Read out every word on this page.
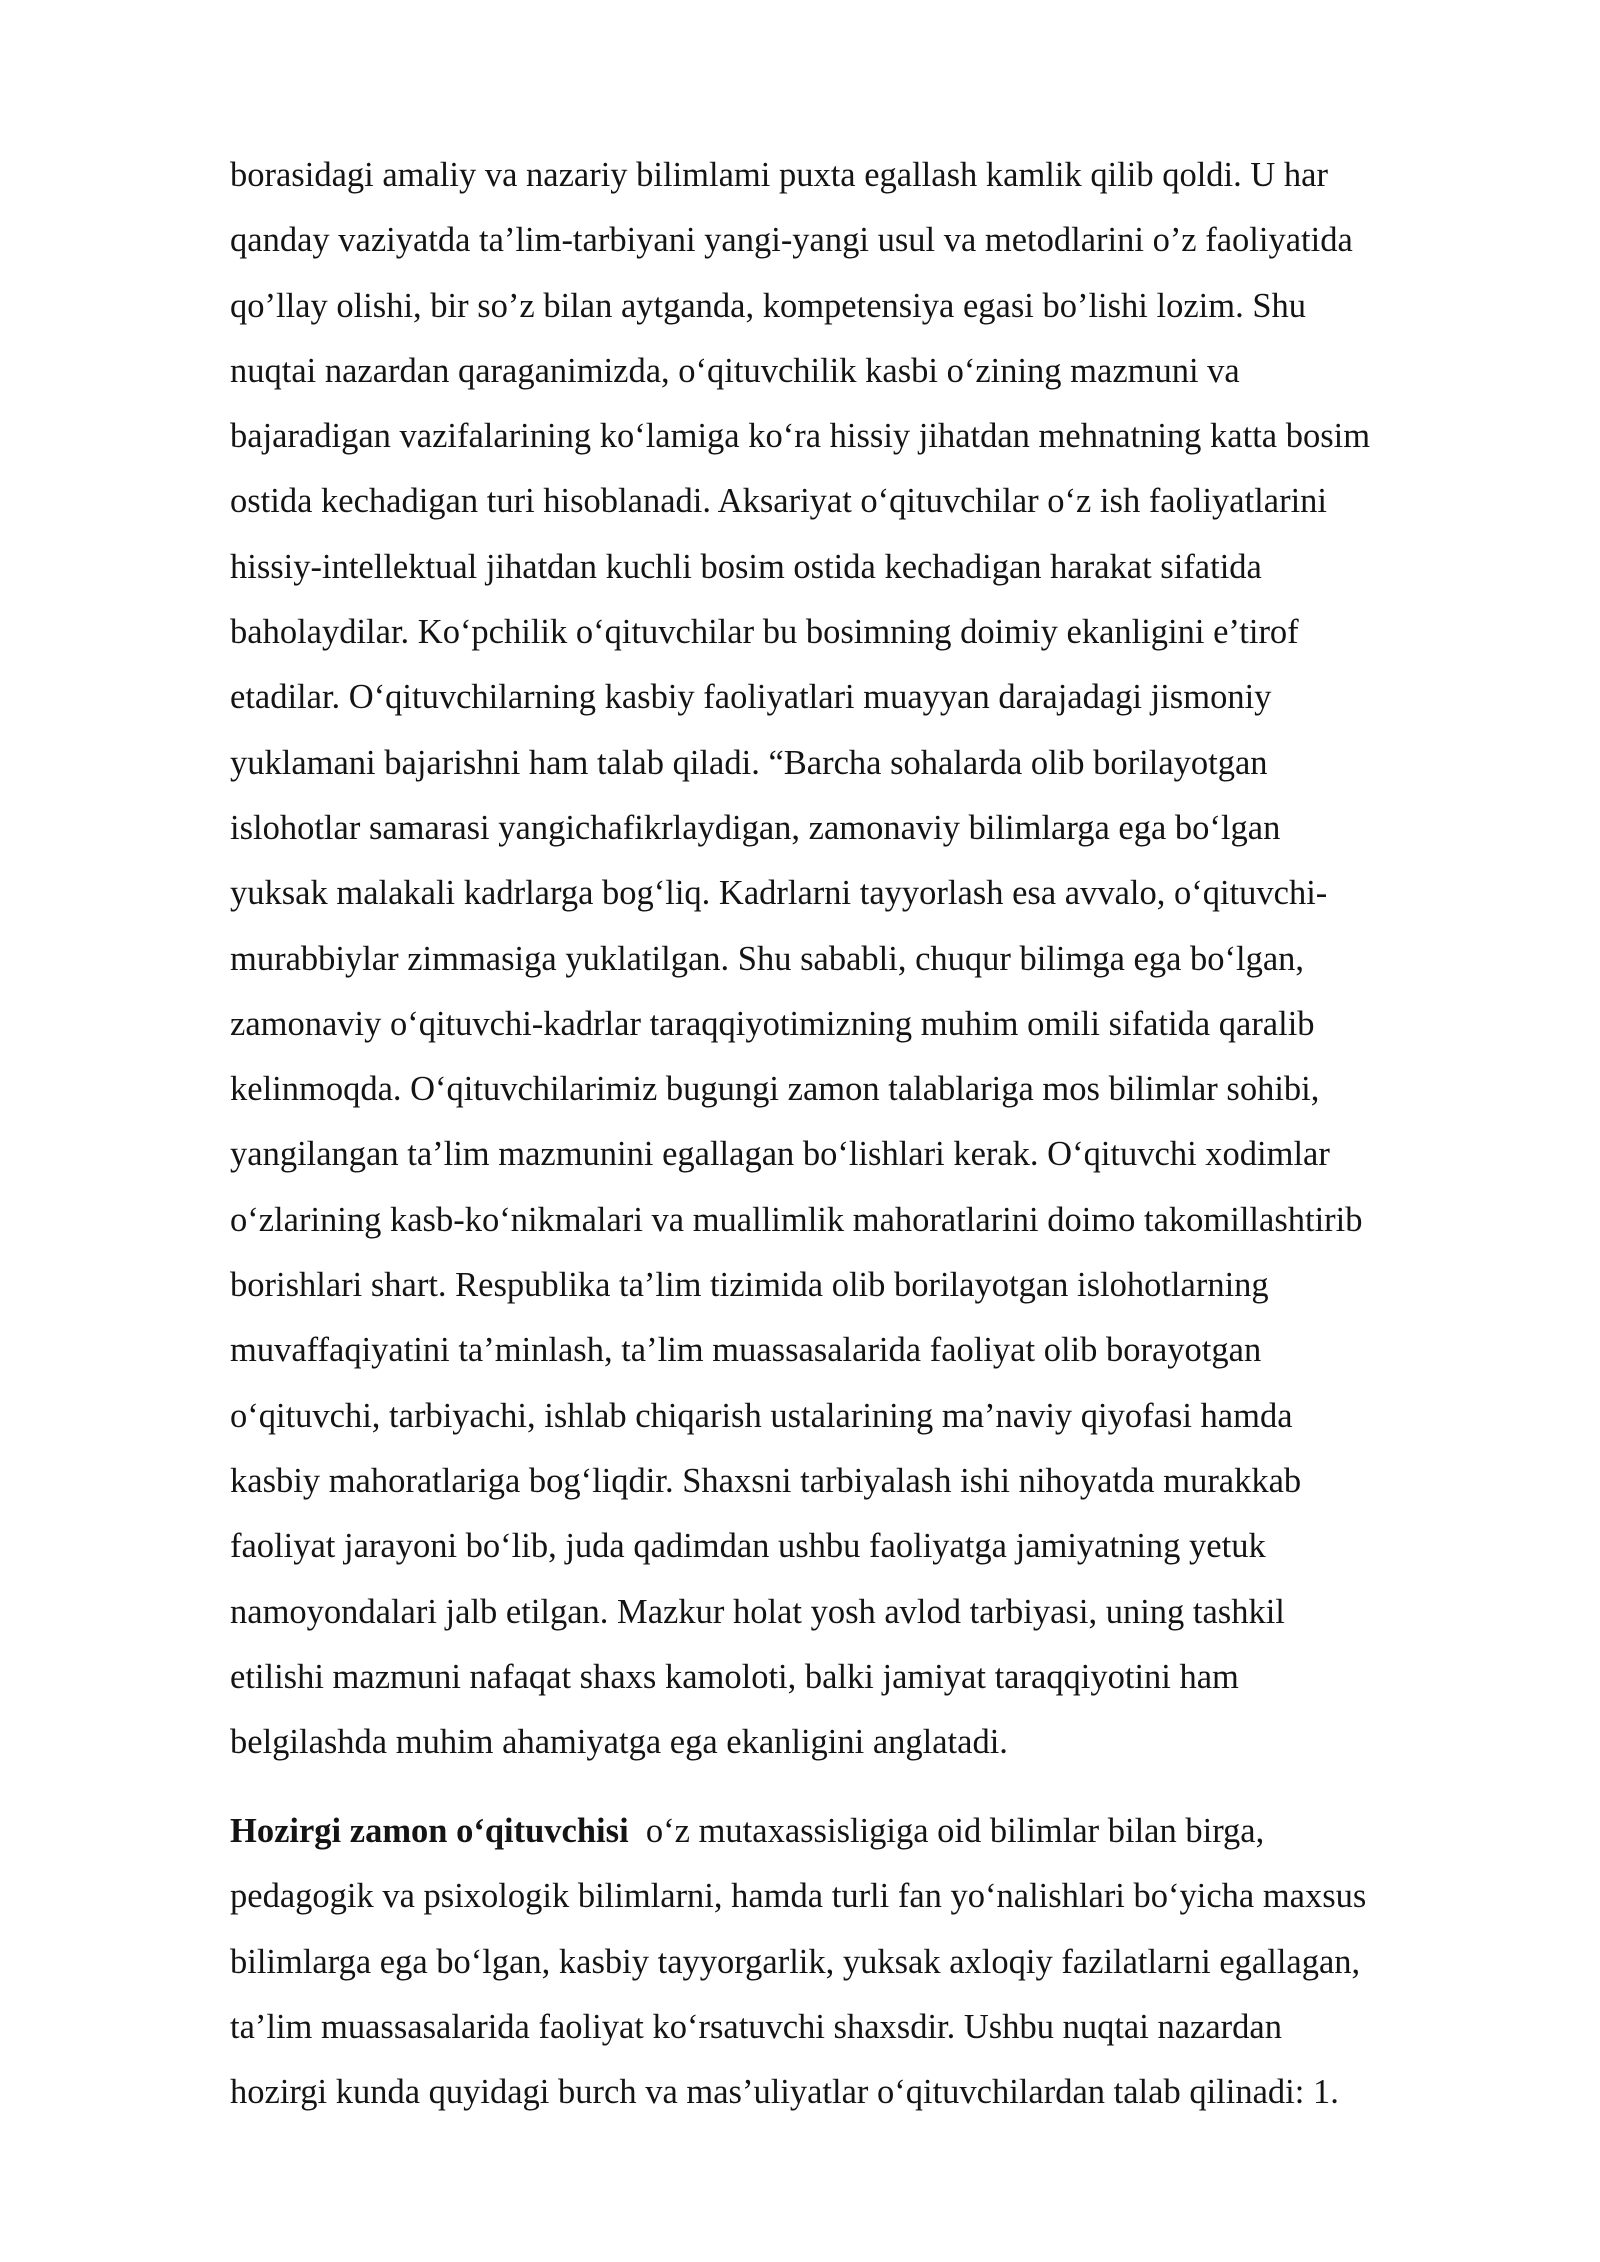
borasidagi amaliy va nazariy bilimlami puxta egallash kamlik qilib qoldi. U har
qanday vaziyatda ta’lim-tarbiyani yangi-yangi usul va metodlarini o’z faoliyatida
qo’llay olishi, bir so’z bilan aytganda, kompetensiya egasi bo’lishi lozim. Shu
nuqtai nazardan qaraganimizda, oʻqituvchilik kasbi oʻzining mazmuni va
bajaradigan vazifalarining koʻlamiga koʻra hissiy jihatdan mehnatning katta bosim
ostida kechadigan turi hisoblanadi. Aksariyat oʻqituvchilar oʻz ish faoliyatlarini
hissiy-intellektual jihatdan kuchli bosim ostida kechadigan harakat sifatida
baholaydilar. Koʻpchilik oʻqituvchilar bu bosimning doimiy ekanligini e’tirof
etadilar. Oʻqituvchilarning kasbiy faoliyatlari muayyan darajadagi jismoniy
yuklamani bajarishni ham talab qiladi. “Barcha sohalarda olib borilayotgan
islohotlar samarasi yangichafikrlaydigan, zamonaviy bilimlarga ega boʻlgan
yuksak malakali kadrlarga bogʻliq. Kadrlarni tayyorlash esa avvalo, oʻqituvchi-
murabbiylar zimmasiga yuklatilgan. Shu sababli, chuqur bilimga ega boʻlgan,
zamonaviy oʻqituvchi-kadrlar taraqqiyotimizning muhim omili sifatida qaralib
kelinmoqda. Oʻqituvchilarimiz bugungi zamon talablariga mos bilimlar sohibi,
yangilangan ta’lim mazmunini egallagan boʻlishlari kerak. Oʻqituvchi xodimlar
oʻzlarining kasb-koʻnikmalari va muallimlik mahoratlarini doimo takomillashtirib
borishlari shart. Respublika ta’lim tizimida olib borilayotgan islohotlarning
muvaffaqiyatini ta’minlash, ta’lim muassasalarida faoliyat olib borayotgan
oʻqituvchi, tarbiyachi, ishlab chiqarish ustalarining ma’naviy qiyofasi hamda
kasbiy mahoratlariga bogʻliqdir. Shaxsni tarbiyalash ishi nihoyatda murakkab
faoliyat jarayoni boʻlib, juda qadimdan ushbu faoliyatga jamiyatning yetuk
namoyondalari jalb etilgan. Mazkur holat yosh avlod tarbiyasi, uning tashkil
etilishi mazmuni nafaqat shaxs kamoloti, balki jamiyat taraqqiyotini ham
belgilashda muhim ahamiyatga ega ekanligini anglatadi.
Hozirgi zamon oʻqituvchisi  oʻz mutaxassisligiga oid bilimlar bilan birga,
pedagogik va psixologik bilimlarni, hamda turli fan yoʻnalishlari boʻyicha maxsus
bilimlarga ega boʻlgan, kasbiy tayyorgarlik, yuksak axloqiy fazilatlarni egallagan,
ta’lim muassasalarida faoliyat koʻrsatuvchi shaxsdir. Ushbu nuqtai nazardan
hozirgi kunda quyidagi burch va mas’uliyatlar oʻqituvchilardan talab qilinadi: 1.
